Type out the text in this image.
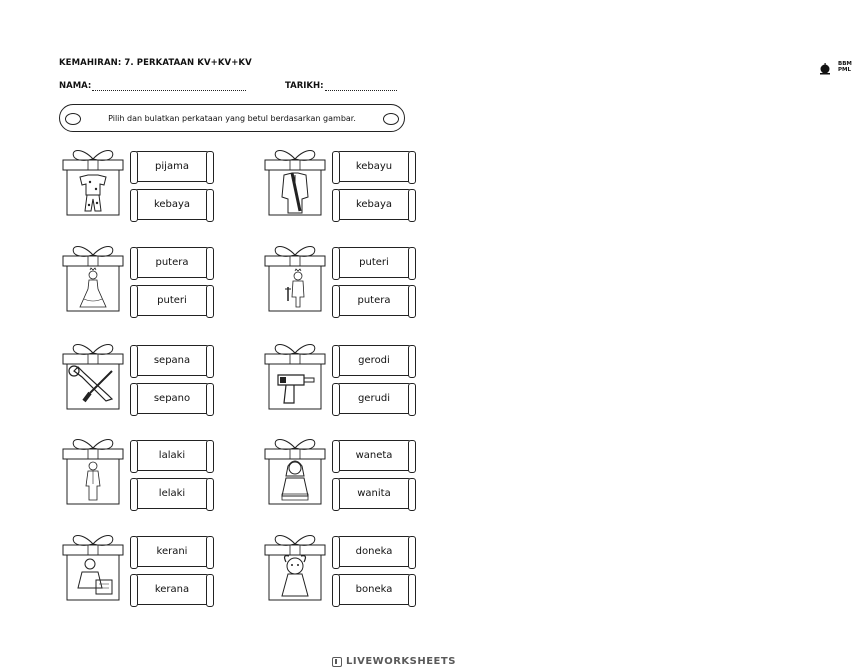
BBM
PML
KEMAHIRAN: 7. PERKATAAN KV+KV+KV
NAMA:	TARIKH:
Pilih dan bulatkan perkataan yang betul berdasarkan gambar.
pijama
kebaya
kebayu
kebaya
putera
puteri
puteri
putera
sepana
sepano
gerodi
gerudi
lalaki
lelaki
waneta
wanita
kerani
kerana
doneka
boneka
LIVEWORKSHEETS
